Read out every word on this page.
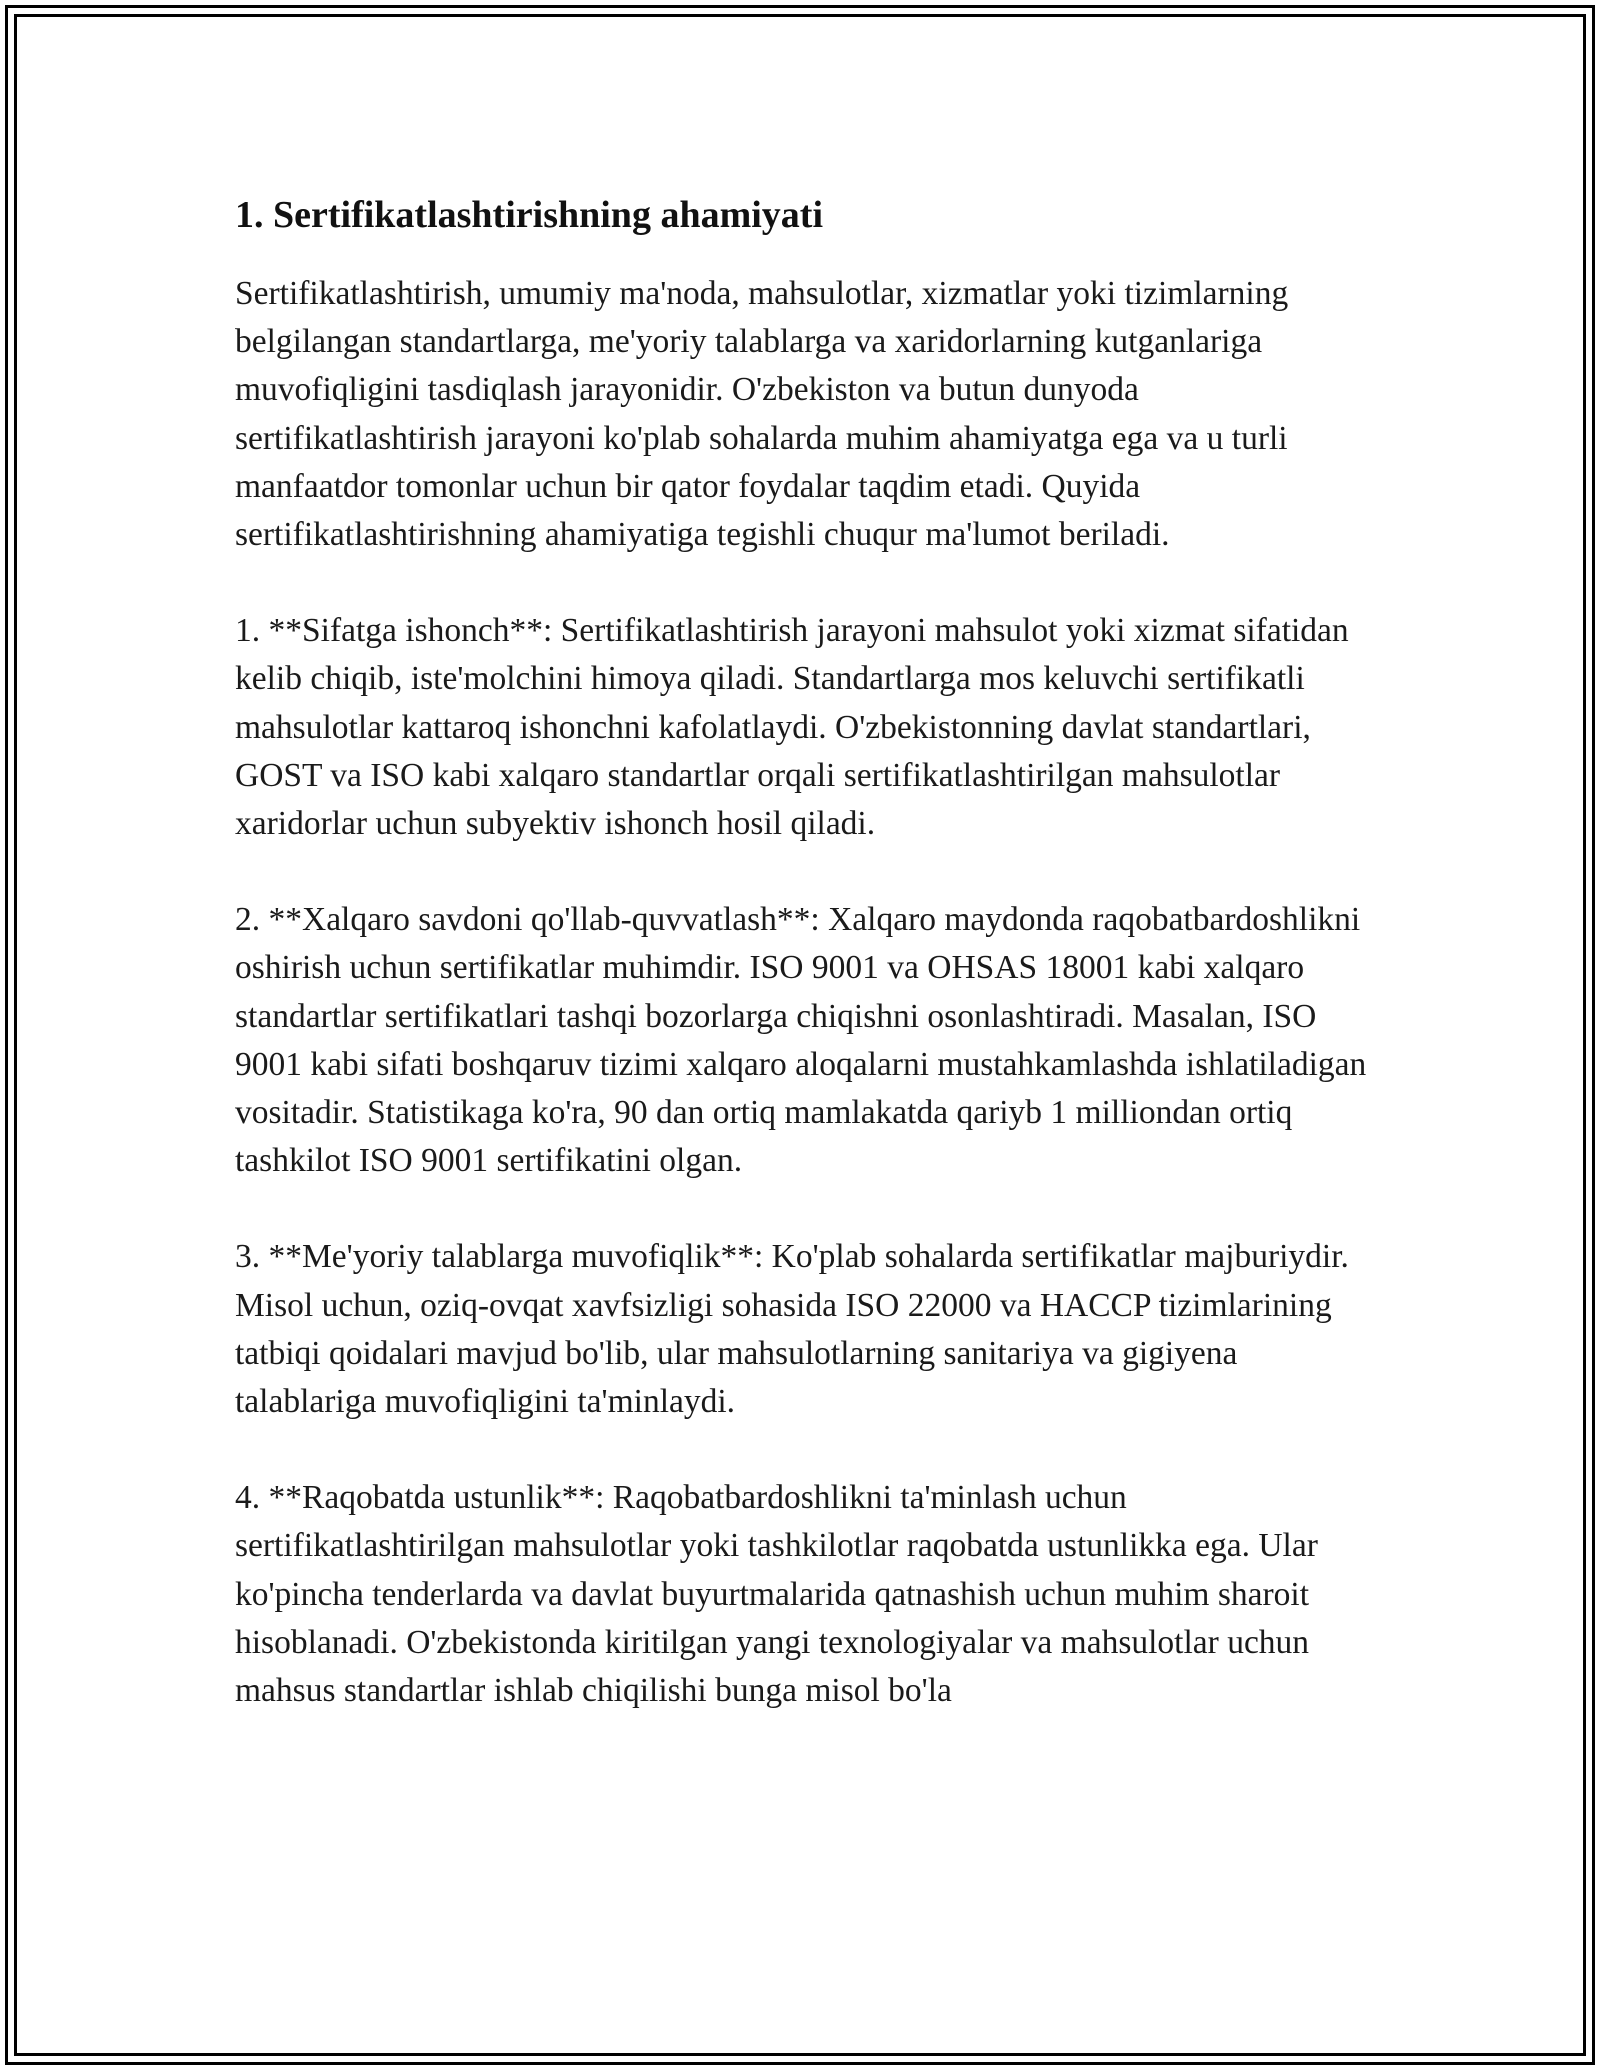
1. Sertifikatlashtirishning ahamiyati

Sertifikatlashtirish, umumiy ma'noda, mahsulotlar, xizmatlar yoki tizimlarning belgilangan standartlarga, me'yoriy talablarga va xaridorlarning kutganlariga muvofiqligini tasdiqlash jarayonidir. O'zbekiston va butun dunyoda sertifikatlashtirish jarayoni ko'plab sohalarda muhim ahamiyatga ega va u turli manfaatdor tomonlar uchun bir qator foydalar taqdim etadi. Quyida sertifikatlashtirishning ahamiyatiga tegishli chuqur ma'lumot beriladi.

1. **Sifatga ishonch**: Sertifikatlashtirish jarayoni mahsulot yoki xizmat sifatidan kelib chiqib, iste'molchini himoya qiladi. Standartlarga mos keluvchi sertifikatli mahsulotlar kattaroq ishonchni kafolatlaydi. O'zbekistonning davlat standartlari, GOST va ISO kabi xalqaro standartlar orqali sertifikatlashtirilgan mahsulotlar xaridorlar uchun subyektiv ishonch hosil qiladi.

2. **Xalqaro savdoni qo'llab-quvvatlash**: Xalqaro maydonda raqobatbardoshlikni oshirish uchun sertifikatlar muhimdir. ISO 9001 va OHSAS 18001 kabi xalqaro standartlar sertifikatlari tashqi bozorlarga chiqishni osonlashtiradi. Masalan, ISO 9001 kabi sifati boshqaruv tizimi xalqaro aloqalarni mustahkamlashda ishlatiladigan vositadir. Statistikaga ko'ra, 90 dan ortiq mamlakatda qariyb 1 milliondan ortiq tashkilot ISO 9001 sertifikatini olgan.

3. **Me'yoriy talablarga muvofiqlik**: Ko'plab sohalarda sertifikatlar majburiydir. Misol uchun, oziq-ovqat xavfsizligi sohasida ISO 22000 va HACCP tizimlarining tatbiqi qoidalari mavjud bo'lib, ular mahsulotlarning sanitariya va gigiyena talablariga muvofiqligini ta'minlaydi.

4. **Raqobatda ustunlik**: Raqobatbardoshlikni ta'minlash uchun sertifikatlashtirilgan mahsulotlar yoki tashkilotlar raqobatda ustunlikka ega. Ular ko'pincha tenderlarda va davlat buyurtmalarida qatnashish uchun muhim sharoit hisoblanadi. O'zbekistonda kiritilgan yangi texnologiyalar va mahsulotlar uchun mahsus standartlar ishlab chiqilishi bunga misol bo'la
